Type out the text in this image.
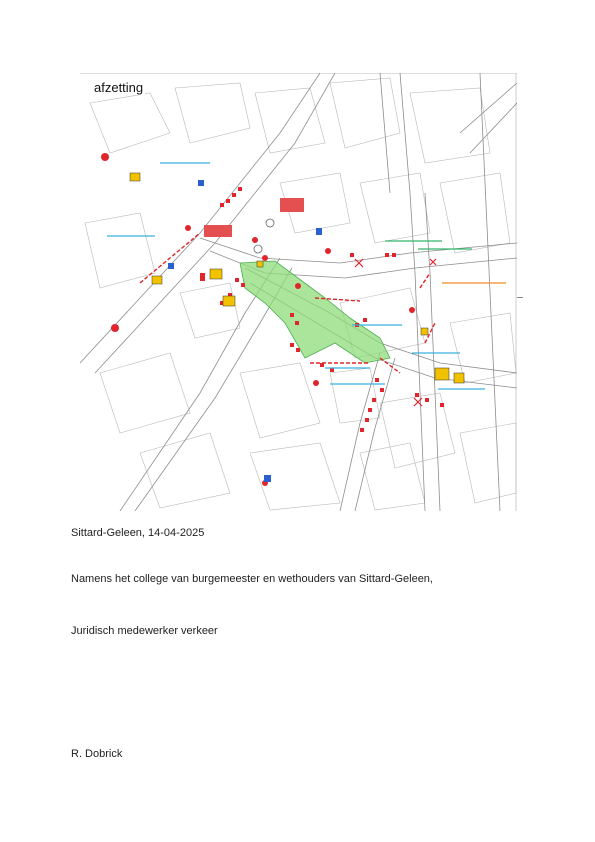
afzetting
Sittard-Geleen, 14-04-2025
Namens het college van burgemeester en wethouders van Sittard-Geleen,
Juridisch medewerker verkeer
R. Dobrick
